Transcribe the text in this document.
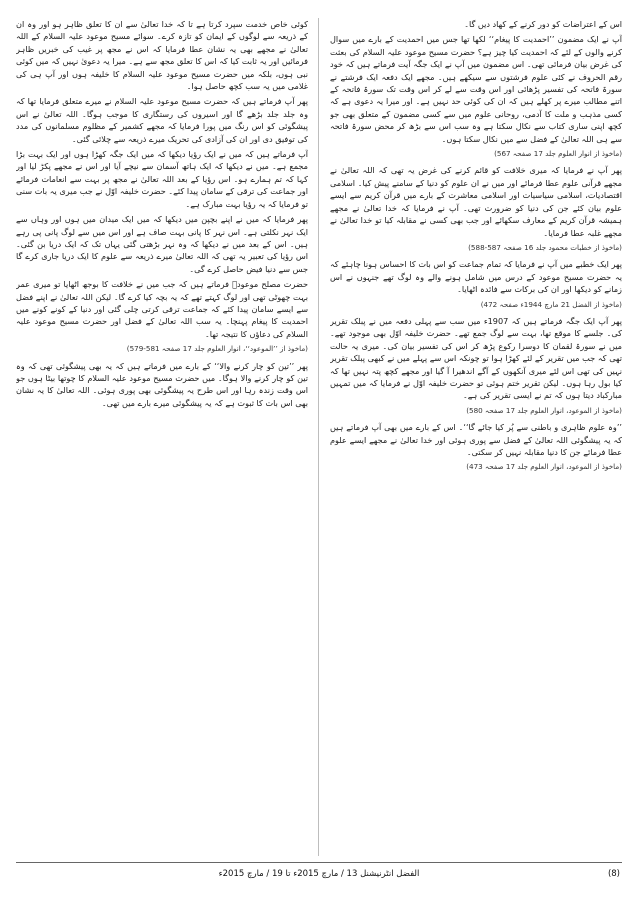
اس کے اعتراضات کو دور کرنے کے کھاد دیں گا۔

آپ نے ایک مضمون ’’احمدیت کا پیغام‘‘ لکھا تھا جس میں احمدیت کے بارے میں سوال کرنے والوں کے لئے کہ احمدیت کیا چیز ہے؟ حضرت مسیح موعود علیہ السلام کی بعثت کی غرض بیان فرمائی تھی۔ اس مضمون میں آپ نے ایک جگہ آیت فرماتے ہیں کہ خود رقم الحروف نے کئی علوم فرشتوں سے سیکھے ہیں۔ مجھے ایک دفعہ ایک فرشتے نے سورۃ فاتحہ کی تفسیر پڑھائی اور اس وقت سے لے کر اس وقت تک سورۃ فاتحہ کے اتنے مطالب میرے پر کھلے ہیں کہ ان کی کوئی حد نہیں ہے۔ اور میرا یہ دعوی ہے کہ کسی مذہب و ملت کا آدمی، روحانی علوم میں سے کسی مضمون کے متعلق بھی جو کچھ اپنی ساری کتاب سے نکال سکتا ہے وہ سب اس سے بڑھ کر محض سورۃ فاتحہ سے ہی اللہ تعالیٰ کے فضل سے میں نکال سکتا ہوں۔

(ماخوذ از انوار العلوم جلد 17 صفحہ 567)

پھر آپ نے فرمایا کہ میری خلافت کو قائم کرنے کی غرض یہ تھی کہ اللہ تعالیٰ نے مجھے قرآنی علوم عطا فرمائے اور میں نے ان علوم کو دنیا کے سامنے پیش کیا۔ اسلامی اقتصادیات، اسلامی سیاسیات اور اسلامی معاشرت کے بارے میں قرآن کریم سے ایسے علوم بیان کئے جن کی دنیا کو ضرورت تھی۔ آپ نے فرمایا کہ خدا تعالیٰ نے مجھے ہمیشہ قرآن کریم کے معارف سکھائے اور جب بھی کسی نے مقابلہ کیا تو خدا تعالیٰ نے مجھے غلبہ عطا فرمایا۔

(ماخوذ از خطبات محمود جلد 16 صفحہ 587-588)

پھر ایک خطبے میں آپ نے فرمایا کہ تمام جماعت کو اس بات کا احساس ہونا چاہئے کہ یہ حضرت مسیح موعود کے درس میں شامل ہونے والے وہ لوگ تھے جنہوں نے اس زمانے کو دیکھا اور ان کی برکات سے فائدہ اٹھایا۔

(ماخوذ از الفضل 21 مارچ 1944ء صفحہ 472)

پھر آپ ایک جگہ فرماتے ہیں کہ 1907ء میں سب سے پہلی دفعہ میں نے پبلک تقریر کی۔ جلسے کا موقع تھا، بہت سے لوگ جمع تھے۔ حضرت خلیفہ اوّل بھی موجود تھے۔ میں نے سورۃ لقمان کا دوسرا رکوع پڑھ کر اس کی تفسیر بیان کی۔ میری یہ حالت تھی کہ جب میں تقریر کے لئے کھڑا ہوا تو چونکہ اس سے پہلے میں نے کبھی پبلک تقریر نہیں کی تھی اس لئے میری آنکھوں کے آگے اندھیرا آ گیا اور مجھے کچھ پتہ نہیں تھا کہ کیا بول رہا ہوں۔ لیکن تقریر ختم ہوئی تو حضرت خلیفہ اوّل نے فرمایا کہ میں تمہیں مبارکباد دیتا ہوں کہ تم نے ایسی تقریر کی ہے۔

(ماخوذ از الموعود، انوار العلوم جلد 17 صفحہ 580)

’’وہ علوم ظاہری و باطنی سے پُر کیا جائے گا‘‘۔ اس کے بارے میں بھی آپ فرماتے ہیں کہ یہ پیشگوئی اللہ تعالیٰ کے فضل سے پوری ہوئی اور خدا تعالیٰ نے مجھے ایسے علوم عطا فرمائے جن کا دنیا مقابلہ نہیں کر سکتی۔

(ماخوذ از الموعود، انوار العلوم جلد 17 صفحہ 473)

کوئی خاص خدمت سپرد کرتا ہے تا کہ خدا تعالیٰ سے ان کا تعلق ظاہر ہو اور وہ ان کے ذریعہ سے لوگوں کے ایمان کو تازہ کرے۔ سوائے مسیح موعود علیہ السلام کے اللہ تعالیٰ نے مجھے بھی یہ نشان عطا فرمایا کہ اس نے مجھ پر غیب کی خبریں ظاہر فرمائیں اور یہ ثابت کیا کہ اس کا تعلق مجھ سے ہے۔ میرا یہ دعویٰ نہیں کہ میں کوئی نبی ہوں، بلکہ میں حضرت مسیح موعود علیہ السلام کا خلیفہ ہوں اور آپ ہی کی غلامی میں یہ سب کچھ حاصل ہوا۔

پھر آپ فرماتے ہیں کہ حضرت مسیح موعود علیہ السلام نے میرے متعلق فرمایا تھا کہ وہ جلد جلد بڑھے گا اور اسیروں کی رستگاری کا موجب ہوگا۔ اللہ تعالیٰ نے اس پیشگوئی کو اس رنگ میں پورا فرمایا کہ مجھے کشمیر کے مظلوم مسلمانوں کی مدد کی توفیق دی اور ان کی آزادی کی تحریک میرے ذریعہ سے چلائی گئی۔

آپ فرماتے ہیں کہ میں نے ایک رؤیا دیکھا کہ میں ایک جگہ کھڑا ہوں اور ایک بہت بڑا مجمع ہے۔ میں نے دیکھا کہ ایک ہاتھ آسمان سے نیچے آیا اور اس نے مجھے پکڑ لیا اور کہا کہ تم ہمارے ہو۔ اس رؤیا کے بعد اللہ تعالیٰ نے مجھ پر بہت سے انعامات فرمائے اور جماعت کی ترقی کے سامان پیدا کئے۔ حضرت خلیفہ اوّل نے جب میری یہ بات سنی تو فرمایا کہ یہ رؤیا بہت مبارک ہے۔

پھر فرمایا کہ میں نے اپنے بچپن میں دیکھا کہ میں ایک میدان میں ہوں اور وہاں سے ایک نہر نکلتی ہے۔ اس نہر کا پانی بہت صاف ہے اور اس میں سے لوگ پانی پی رہے ہیں۔ اس کے بعد میں نے دیکھا کہ وہ نہر بڑھتی گئی یہاں تک کہ ایک دریا بن گئی۔ اس رؤیا کی تعبیر یہ تھی کہ اللہ تعالیٰ میرے ذریعہ سے علوم کا ایک دریا جاری کرے گا جس سے دنیا فیض حاصل کرے گی۔

حضرت مصلح موعودؓ فرماتے ہیں کہ جب میں نے خلافت کا بوجھ اٹھایا تو میری عمر بہت چھوٹی تھی اور لوگ کہتے تھے کہ یہ بچہ کیا کرے گا۔ لیکن اللہ تعالیٰ نے اپنے فضل سے ایسے سامان پیدا کئے کہ جماعت ترقی کرتی چلی گئی اور دنیا کے کونے کونے میں احمدیت کا پیغام پہنچا۔ یہ سب اللہ تعالیٰ کے فضل اور حضرت مسیح موعود علیہ السلام کی دعاؤں کا نتیجہ تھا۔

(ماخوذ از ’’الموعود‘‘، انوار العلوم جلد 17 صفحہ 581-579)

پھر ’’تین کو چار کرنے والا‘‘ کے بارے میں فرماتے ہیں کہ یہ بھی پیشگوئی تھی کہ وہ تین کو چار کرنے والا ہوگا۔ میں حضرت مسیح موعود علیہ السلام کا چوتھا بیٹا ہوں جو اس وقت زندہ رہا اور اس طرح یہ پیشگوئی بھی پوری ہوئی۔ اللہ تعالیٰ کا یہ نشان بھی اس بات کا ثبوت ہے کہ یہ پیشگوئی میرے بارے میں تھی۔

الفضل انٹرنیشنل 13 / مارچ 2015ء تا 19 / مارچ 2015ء	(8)
